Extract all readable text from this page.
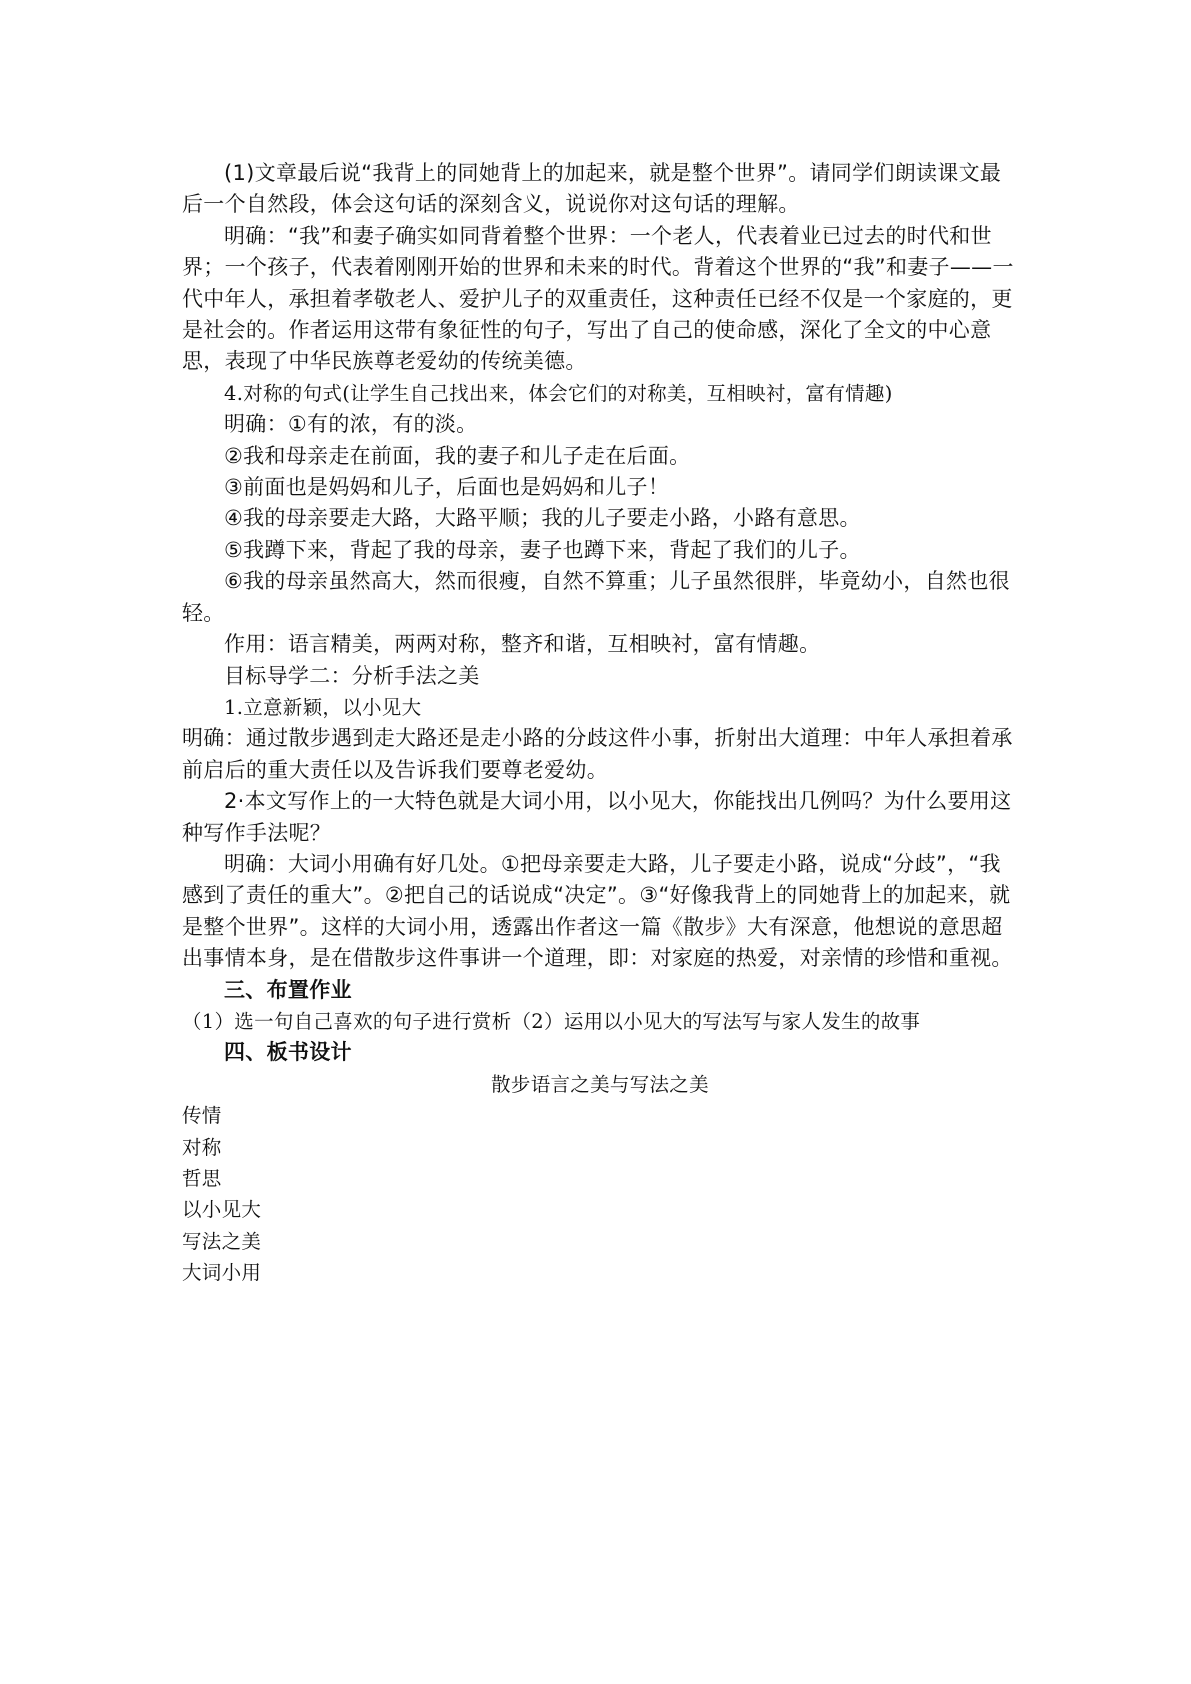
(1)文章最后说“我背上的同她背上的加起来，就是整个世界”。请同学们朗读课文最后一个自然段，体会这句话的深刻含义，说说你对这句话的理解。

明确：“我”和妻子确实如同背着整个世界：一个老人，代表着业已过去的时代和世界；一个孩子，代表着刚刚开始的世界和未来的时代。背着这个世界的“我”和妻子——一代中年人，承担着孝敬老人、爱护儿子的双重责任，这种责任已经不仅是一个家庭的，更是社会的。作者运用这带有象征性的句子，写出了自己的使命感，深化了全文的中心意思，表现了中华民族尊老爱幼的传统美德。

4.对称的句式(让学生自己找出来，体会它们的对称美，互相映衬，富有情趣)

明确：①有的浓，有的淡。

②我和母亲走在前面，我的妻子和儿子走在后面。

③前面也是妈妈和儿子，后面也是妈妈和儿子！

④我的母亲要走大路，大路平顺；我的儿子要走小路，小路有意思。

⑤我蹲下来，背起了我的母亲，妻子也蹲下来，背起了我们的儿子。

⑥我的母亲虽然高大，然而很瘦，自然不算重；儿子虽然很胖，毕竟幼小，自然也很轻。

作用：语言精美，两两对称，整齐和谐，互相映衬，富有情趣。

目标导学二：分析手法之美

1.立意新颖，以小见大

明确：通过散步遇到走大路还是走小路的分歧这件小事，折射出大道理：中年人承担着承前启后的重大责任以及告诉我们要尊老爱幼。

2·本文写作上的一大特色就是大词小用，以小见大，你能找出几例吗？为什么要用这种写作手法呢？

明确：大词小用确有好几处。①把母亲要走大路，儿子要走小路，说成“分歧”，“我感到了责任的重大”。②把自己的话说成“决定”。③“好像我背上的同她背上的加起来，就是整个世界”。这样的大词小用，透露出作者这一篇《散步》大有深意，他想说的意思超出事情本身，是在借散步这件事讲一个道理，即：对家庭的热爱，对亲情的珍惜和重视。

三、布置作业

（1）选一句自己喜欢的句子进行赏析（2）运用以小见大的写法写与家人发生的故事

四、板书设计

散步语言之美与写法之美

传情

对称

哲思

以小见大

写法之美

大词小用
